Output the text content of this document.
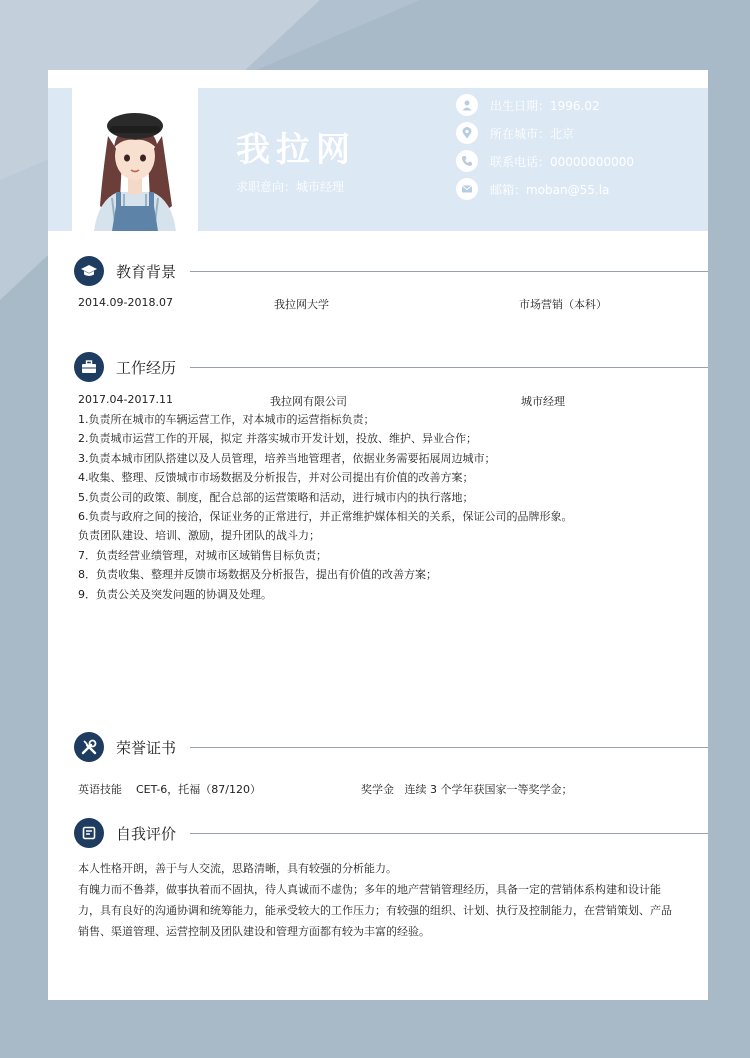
我拉网
求职意向：城市经理
出生日期：1996.02
所在城市：北京
联系电话：00000000000
邮箱：moban@55.la
教育背景
2014.09-2018.07	我拉网大学	市场营销（本科）
工作经历
2017.04-2017.11	我拉网有限公司	城市经理
1.负责所在城市的车辆运营工作，对本城市的运营指标负责；
2.负责城市运营工作的开展，拟定 并落实城市开发计划，投放、维护、异业合作；
3.负责本城市团队搭建以及人员管理，培养当地管理者，依据业务需要拓展周边城市；
4.收集、整理、反馈城市市场数据及分析报告，并对公司提出有价值的改善方案；
5.负责公司的政策、制度，配合总部的运营策略和活动，进行城市内的执行落地；
6.负责与政府之间的接洽，保证业务的正常进行，并正常维护媒体相关的关系，保证公司的品牌形象。
负责团队建设、培训、激励，提升团队的战斗力；
7．负责经营业绩管理，对城市区域销售目标负责；
8．负责收集、整理并反馈市场数据及分析报告，提出有价值的改善方案；
9．负责公关及突发问题的协调及处理。
荣誉证书
英语技能 CET-6，托福（87/120）	奖学金 连续 3 个学年获国家一等奖学金；
自我评价
本人性格开朗，善于与人交流，思路清晰，具有较强的分析能力。
有魄力而不鲁莽，做事执着而不固执，待人真诚而不虚伪；多年的地产营销管理经历，具备一定的营销体系构建和设计能力，具有良好的沟通协调和统筹能力，能承受较大的工作压力；有较强的组织、计划、执行及控制能力，在营销策划、产品销售、渠道管理、运营控制及团队建设和管理方面都有较为丰富的经验。
